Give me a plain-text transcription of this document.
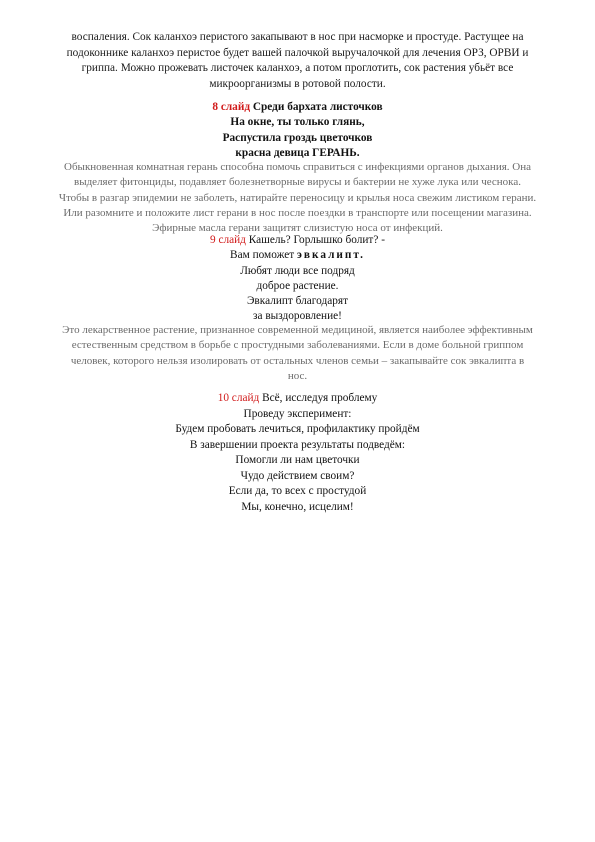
воспаления. Сок каланхоэ перистого закапывают в нос при насморке и простуде. Растущее на
подоконнике каланхоэ перистое будет вашей палочкой выручалочкой для лечения ОРЗ, ОРВИ и
гриппа. Можно прожевать листочек каланхоэ, а потом проглотить, сок растения убьёт все
микроорганизмы в ротовой полости.
8 слайд Среди бархата листочков
На окне, ты только глянь,
Распустила гроздь цветочков
красна девица ГЕРАНЬ.
Обыкновенная комнатная герань способна помочь справиться с инфекциями органов дыхания. Она
выделяет фитонциды, подавляет болезнетворные вирусы и бактерии не хуже лука или чеснока.
Чтобы в разгар эпидемии не заболеть, натирайте переносицу и крылья носа свежим листиком герани.
Или разомните и положите лист герани в нос после поездки в транспорте или посещении магазина.
Эфирные масла герани защитят слизистую носа от инфекций.
9 слайд Кашель? Горлышко болит? -
Вам поможет эвкалипт.
Любят люди все подряд
доброе растение.
Эвкалипт благодарят
за выздоровление!
Это лекарственное растение, признанное современной медициной, является наиболее эффективным
естественным средством в борьбе с простудными заболеваниями. Если в доме больной гриппом
человек, которого нельзя изолировать от остальных членов семьи – закапывайте сок эвкалипта в
нос.
10 слайд Всё, исследуя проблему
Проведу эксперимент:
Будем пробовать лечиться, профилактику пройдём
В завершении проекта результаты подведём:
Помогли ли нам цветочки
Чудо действием своим?
Если да, то всех с простудой
Мы, конечно, исцелим!
